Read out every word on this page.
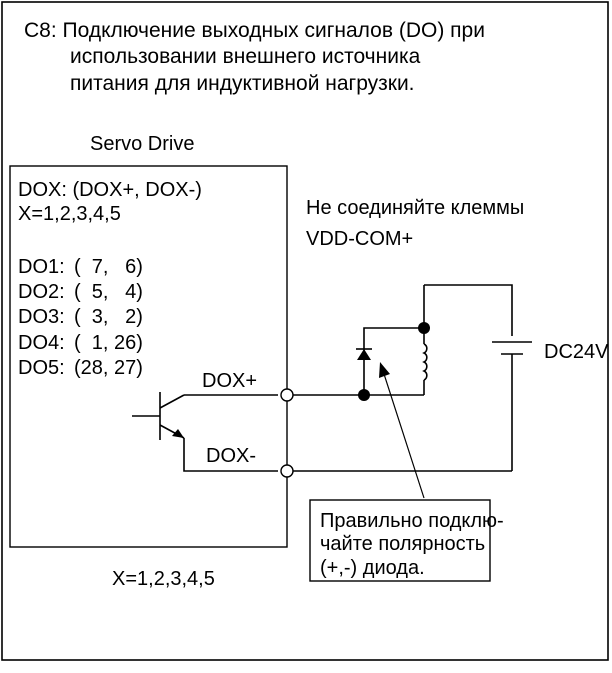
C8: Подключение выходных сигналов (DO) при
использовании внешнего источника
питания для индуктивной нагрузки.
Servo Drive
DOX: (DOX+, DOX-)
X=1,2,3,4,5
DO1: (  7,   6)
DO2: (  5,   4)
DO3: (  3,   2)
DO4: (  1, 26)
DO5: (28, 27)
DOX+
DOX-
Не соединяйте клеммы
VDD-COM+
DC24V
Правильно подклю-
чайте полярность
(+,-) диода.
X=1,2,3,4,5
